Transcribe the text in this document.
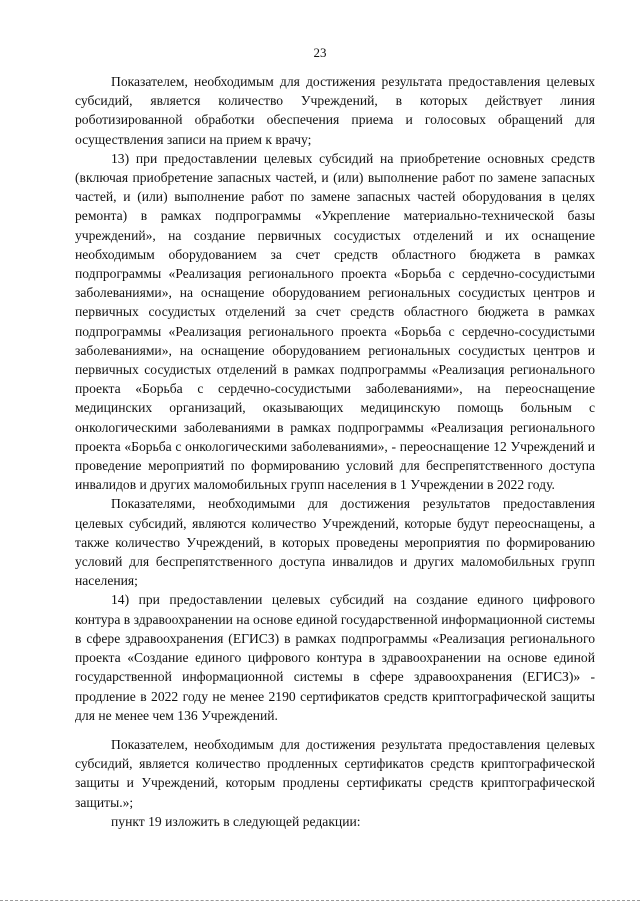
23

Показателем, необходимым для достижения результата предоставления целевых субсидий, является количество Учреждений, в которых действует линия роботизированной обработки обеспечения приема и голосовых обращений для осуществления записи на прием к врачу;

13) при предоставлении целевых субсидий на приобретение основных средств (включая приобретение запасных частей, и (или) выполнение работ по замене запасных частей, и (или) выполнение работ по замене запасных частей оборудования в целях ремонта) в рамках подпрограммы «Укрепление материально-технической базы учреждений», на создание первичных сосудистых отделений и их оснащение необходимым оборудованием за счет средств областного бюджета в рамках подпрограммы «Реализация регионального проекта «Борьба с сердечно-сосудистыми заболеваниями», на оснащение оборудованием региональных сосудистых центров и первичных сосудистых отделений за счет средств областного бюджета в рамках подпрограммы «Реализация регионального проекта «Борьба с сердечно-сосудистыми заболеваниями», на оснащение оборудованием региональных сосудистых центров и первичных сосудистых отделений в рамках подпрограммы «Реализация регионального проекта «Борьба с сердечно-сосудистыми заболеваниями», на переоснащение медицинских организаций, оказывающих медицинскую помощь больным с онкологическими заболеваниями в рамках подпрограммы «Реализация регионального проекта «Борьба с онкологическими заболеваниями», - переоснащение 12 Учреждений и проведение мероприятий по формированию условий для беспрепятственного доступа инвалидов и других маломобильных групп населения в 1 Учреждении в 2022 году.

Показателями, необходимыми для достижения результатов предоставления целевых субсидий, являются количество Учреждений, которые будут переоснащены, а также количество Учреждений, в которых проведены мероприятия по формированию условий для беспрепятственного доступа инвалидов и других маломобильных групп населения;

14) при предоставлении целевых субсидий на создание единого цифрового контура в здравоохранении на основе единой государственной информационной системы в сфере здравоохранения (ЕГИСЗ) в рамках подпрограммы «Реализация регионального проекта «Создание единого цифрового контура в здравоохранении на основе единой государственной информационной системы в сфере здравоохранения (ЕГИСЗ)» - продление в 2022 году не менее 2190 сертификатов средств криптографической защиты для не менее чем 136 Учреждений.

Показателем, необходимым для достижения результата предоставления целевых субсидий, является количество продленных сертификатов средств криптографической защиты и Учреждений, которым продлены сертификаты средств криптографической защиты.»;

пункт 19 изложить в следующей редакции:
